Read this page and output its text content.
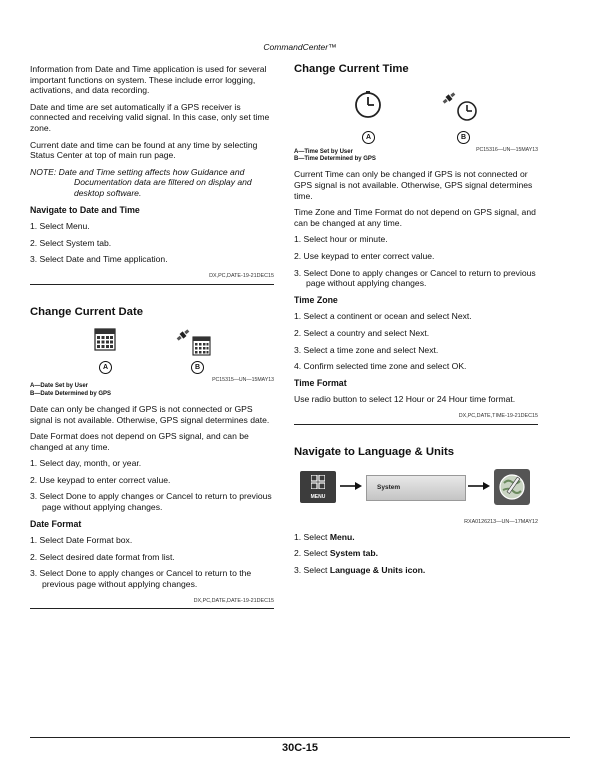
CommandCenter™

Information from Date and Time application is used for several important functions on system. These include error logging, activations, and data recording.

Date and time are set automatically if a GPS receiver is connected and receiving valid signal. In this case, only set time zone.

Current date and time can be found at any time by selecting Status Center at top of main run page.

NOTE: Date and Time setting affects how Guidance and Documentation data are filtered on display and desktop software.

Navigate to Date and Time
1. Select Menu.
2. Select System tab.
3. Select Date and Time application.
DX,PC,DATE-19-21DEC15
Change Current Date
A	B
PC15315—UN—15MAY13
A—Date Set by User
B—Date Determined by GPS

Date can only be changed if GPS is not connected or GPS signal is not available. Otherwise, GPS signal determines date.

Date Format does not depend on GPS signal, and can be changed at any time.

1. Select day, month, or year.
2. Use keypad to enter correct value.
3. Select Done to apply changes or Cancel to return to previous page without applying changes.
Date Format
1. Select Date Format box.
2. Select desired date format from list.
3. Select Done to apply changes or Cancel to return to the previous page without applying changes.
DX,PC,DATE,DATE-19-21DEC15
Change Current Time
A	B
PC15316—UN—15MAY13
A—Time Set by User
B—Time Determined by GPS

Current Time can only be changed if GPS is not connected or GPS signal is not available. Otherwise, GPS signal determines time.

Time Zone and Time Format do not depend on GPS signal, and can be changed at any time.

1. Select hour or minute.
2. Use keypad to enter correct value.
3. Select Done to apply changes or Cancel to return to previous page without applying changes.
Time Zone
1. Select a continent or ocean and select Next.
2. Select a country and select Next.
3. Select a time zone and select Next.
4. Confirm selected time zone and select OK.
Time Format

Use radio button to select 12 Hour or 24 Hour time format.

DX,PC,DATE,TIME-19-21DEC15
Navigate to Language & Units
MENU
System
RXA0126213—UN—17MAY12
1. Select Menu.
2. Select System tab.
3. Select Language & Units icon.
30C-15
